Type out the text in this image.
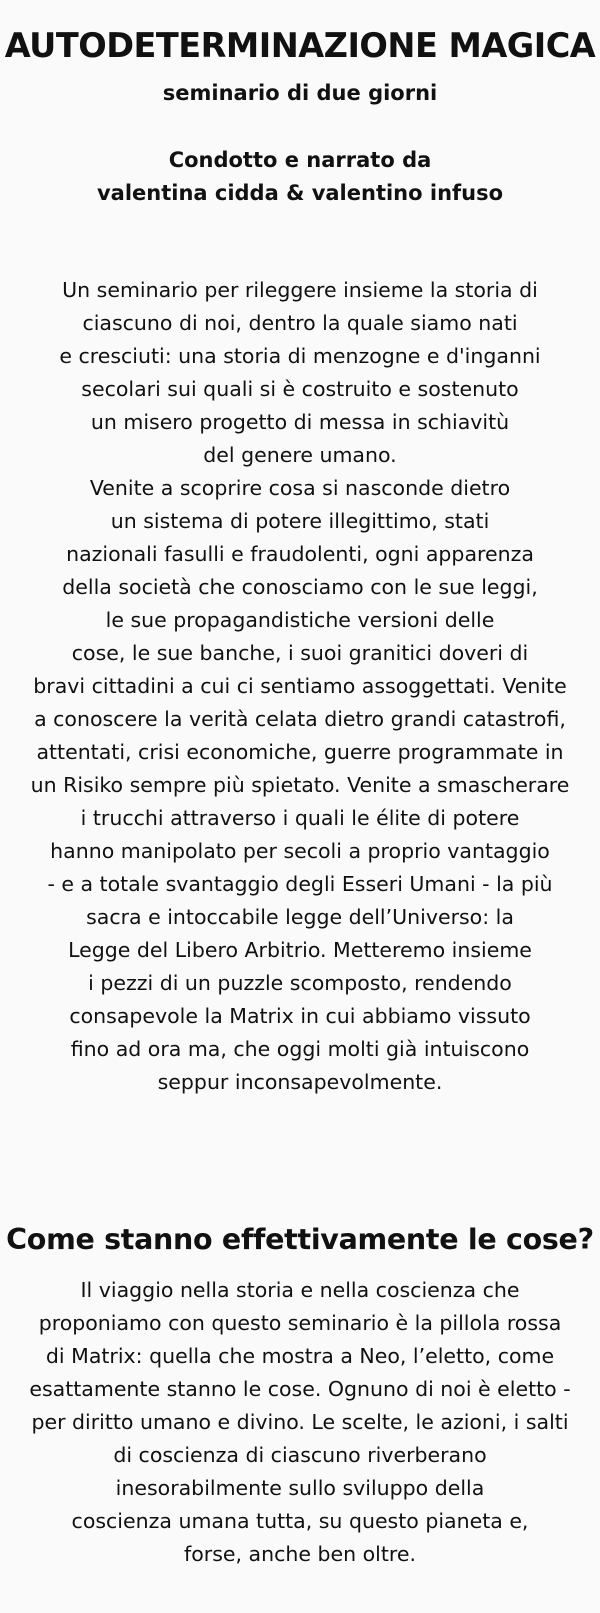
AUTODETERMINAZIONE MAGICA
seminario di due giorni
Condotto e narrato da
valentina cidda & valentino infuso
Un seminario per rileggere insieme la storia di
ciascuno di noi, dentro la quale siamo nati
e cresciuti: una storia di menzogne e d'inganni
secolari sui quali si è costruito e sostenuto
un misero progetto di messa in schiavitù
del genere umano.
Venite a scoprire cosa si nasconde dietro
un sistema di potere illegittimo, stati
nazionali fasulli e fraudolenti, ogni apparenza
della società che conosciamo con le sue leggi,
le sue propagandistiche versioni delle
cose, le sue banche, i suoi granitici doveri di
bravi cittadini a cui ci sentiamo assoggettati. Venite
a conoscere la verità celata dietro grandi catastrofi,
attentati, crisi economiche, guerre programmate in
un Risiko sempre più spietato. Venite a smascherare
i trucchi attraverso i quali le élite di potere
hanno manipolato per secoli a proprio vantaggio
- e a totale svantaggio degli Esseri Umani - la più
sacra e intoccabile legge dell’Universo: la
Legge del Libero Arbitrio. Metteremo insieme
i pezzi di un puzzle scomposto, rendendo
consapevole la Matrix in cui abbiamo vissuto
fino ad ora ma, che oggi molti già intuiscono
seppur inconsapevolmente.
Come stanno effettivamente le cose?
Il viaggio nella storia e nella coscienza che
proponiamo con questo seminario è la pillola rossa
di Matrix: quella che mostra a Neo, l’eletto, come
esattamente stanno le cose. Ognuno di noi è eletto -
per diritto umano e divino. Le scelte, le azioni, i salti
di coscienza di ciascuno riverberano
inesorabilmente sullo sviluppo della
coscienza umana tutta, su questo pianeta e,
forse, anche ben oltre.
